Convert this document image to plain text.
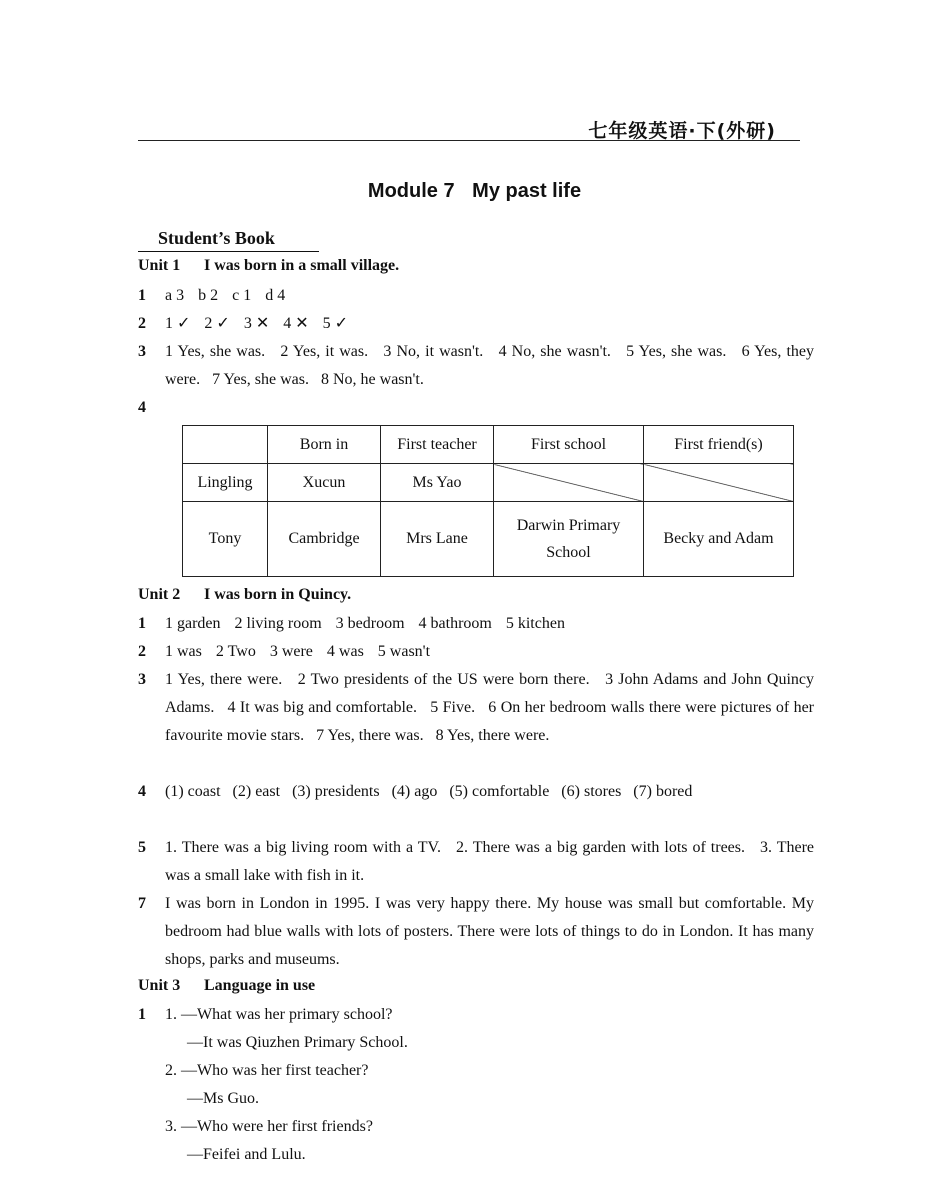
七年级英语·下(外研)
Module 7 My past life
Student’s Book
Unit 1 I was born in a small village.
1	a 3 b 2 c 1 d 4
2	1 ✓ 2 ✓ 3 ✕ 4 ✕ 5 ✓
3	1 Yes, she was.   2 Yes, it was.   3 No, it wasn't.   4 No, she wasn't.   5 Yes, she was.   6 Yes, they were.   7 Yes, she was.   8 No, he wasn't.
4
	Born in	First teacher	First school	First friend(s)
Lingling	Xucun	Ms Yao		
Tony	Cambridge	Mrs Lane	Darwin Primary School	Becky and Adam
Unit 2 I was born in Quincy.
1	1 garden 2 living room 3 bedroom 4 bathroom 5 kitchen
2	1 was 2 Two 3 were 4 was 5 wasn't
3	1 Yes, there were.   2 Two presidents of the US were born there.   3 John Adams and John Quincy Adams.   4 It was big and comfortable.   5 Five.   6 On her bedroom walls there were pictures of her favourite movie stars.   7 Yes, there was.   8 Yes, there were.
4	(1) coast   (2) east   (3) presidents   (4) ago   (5) comfortable   (6) stores   (7) bored
5	1. There was a big living room with a TV.   2. There was a big garden with lots of trees.   3. There was a small lake with fish in it.
7	I was born in London in 1995. I was very happy there. My house was small but comfortable. My bedroom had blue walls with lots of posters. There were lots of things to do in London. It has many shops, parks and museums.
Unit 3 Language in use
1	1. —What was her primary school?
—It was Qiuzhen Primary School.
2. —Who was her first teacher?
—Ms Guo.
3. —Who were her first friends?
—Feifei and Lulu.
